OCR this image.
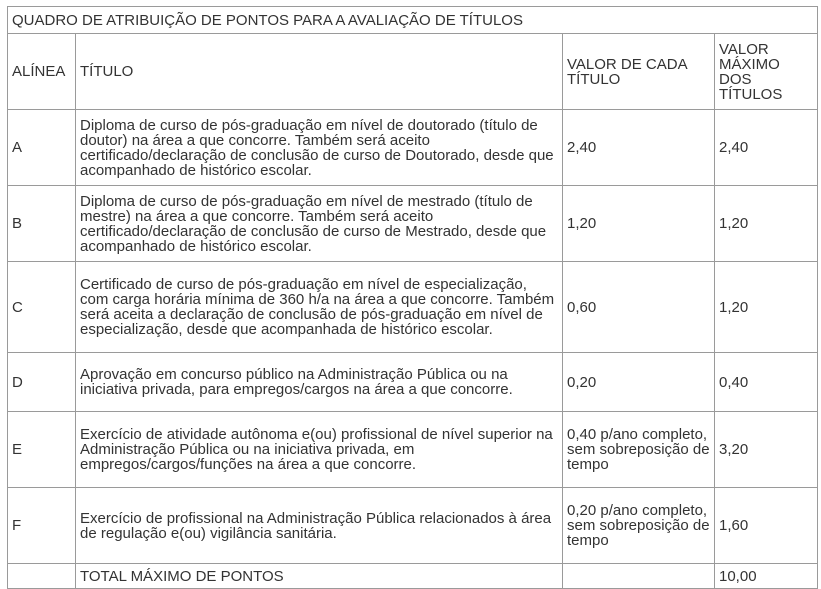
QUADRO DE ATRIBUIÇÃO DE PONTOS PARA A AVALIAÇÃO DE TÍTULOS			
ALÍNEA	TÍTULO	VALOR DE CADA TÍTULO	VALOR MÁXIMO DOS TÍTULOS
A	Diploma de curso de pós-graduação em nível de doutorado (título de doutor) na área a que concorre. Também será aceito certificado/declaração de conclusão de curso de Doutorado, desde que acompanhado de histórico escolar.	2,40	2,40
B	Diploma de curso de pós-graduação em nível de mestrado (título de mestre) na área a que concorre. Também será aceito certificado/declaração de conclusão de curso de Mestrado, desde que acompanhado de histórico escolar.	1,20	1,20
C	Certificado de curso de pós-graduação em nível de especialização, com carga horária mínima de 360 h/a na área a que concorre. Também será aceita a declaração de conclusão de pós-graduação em nível de especialização, desde que acompanhada de histórico escolar.	0,60	1,20
D	Aprovação em concurso público na Administração Pública ou na iniciativa privada, para empregos/cargos na área a que concorre.	0,20	0,40
E	Exercício de atividade autônoma e(ou) profissional de nível superior na Administração Pública ou na iniciativa privada, em empregos/cargos/funções na área a que concorre.	0,40 p/ano completo, sem sobreposição de tempo	3,20
F	Exercício de profissional na Administração Pública relacionados à área de regulação e(ou) vigilância sanitária.	0,20 p/ano completo, sem sobreposição de tempo	1,60
	TOTAL MÁXIMO DE PONTOS		10,00
